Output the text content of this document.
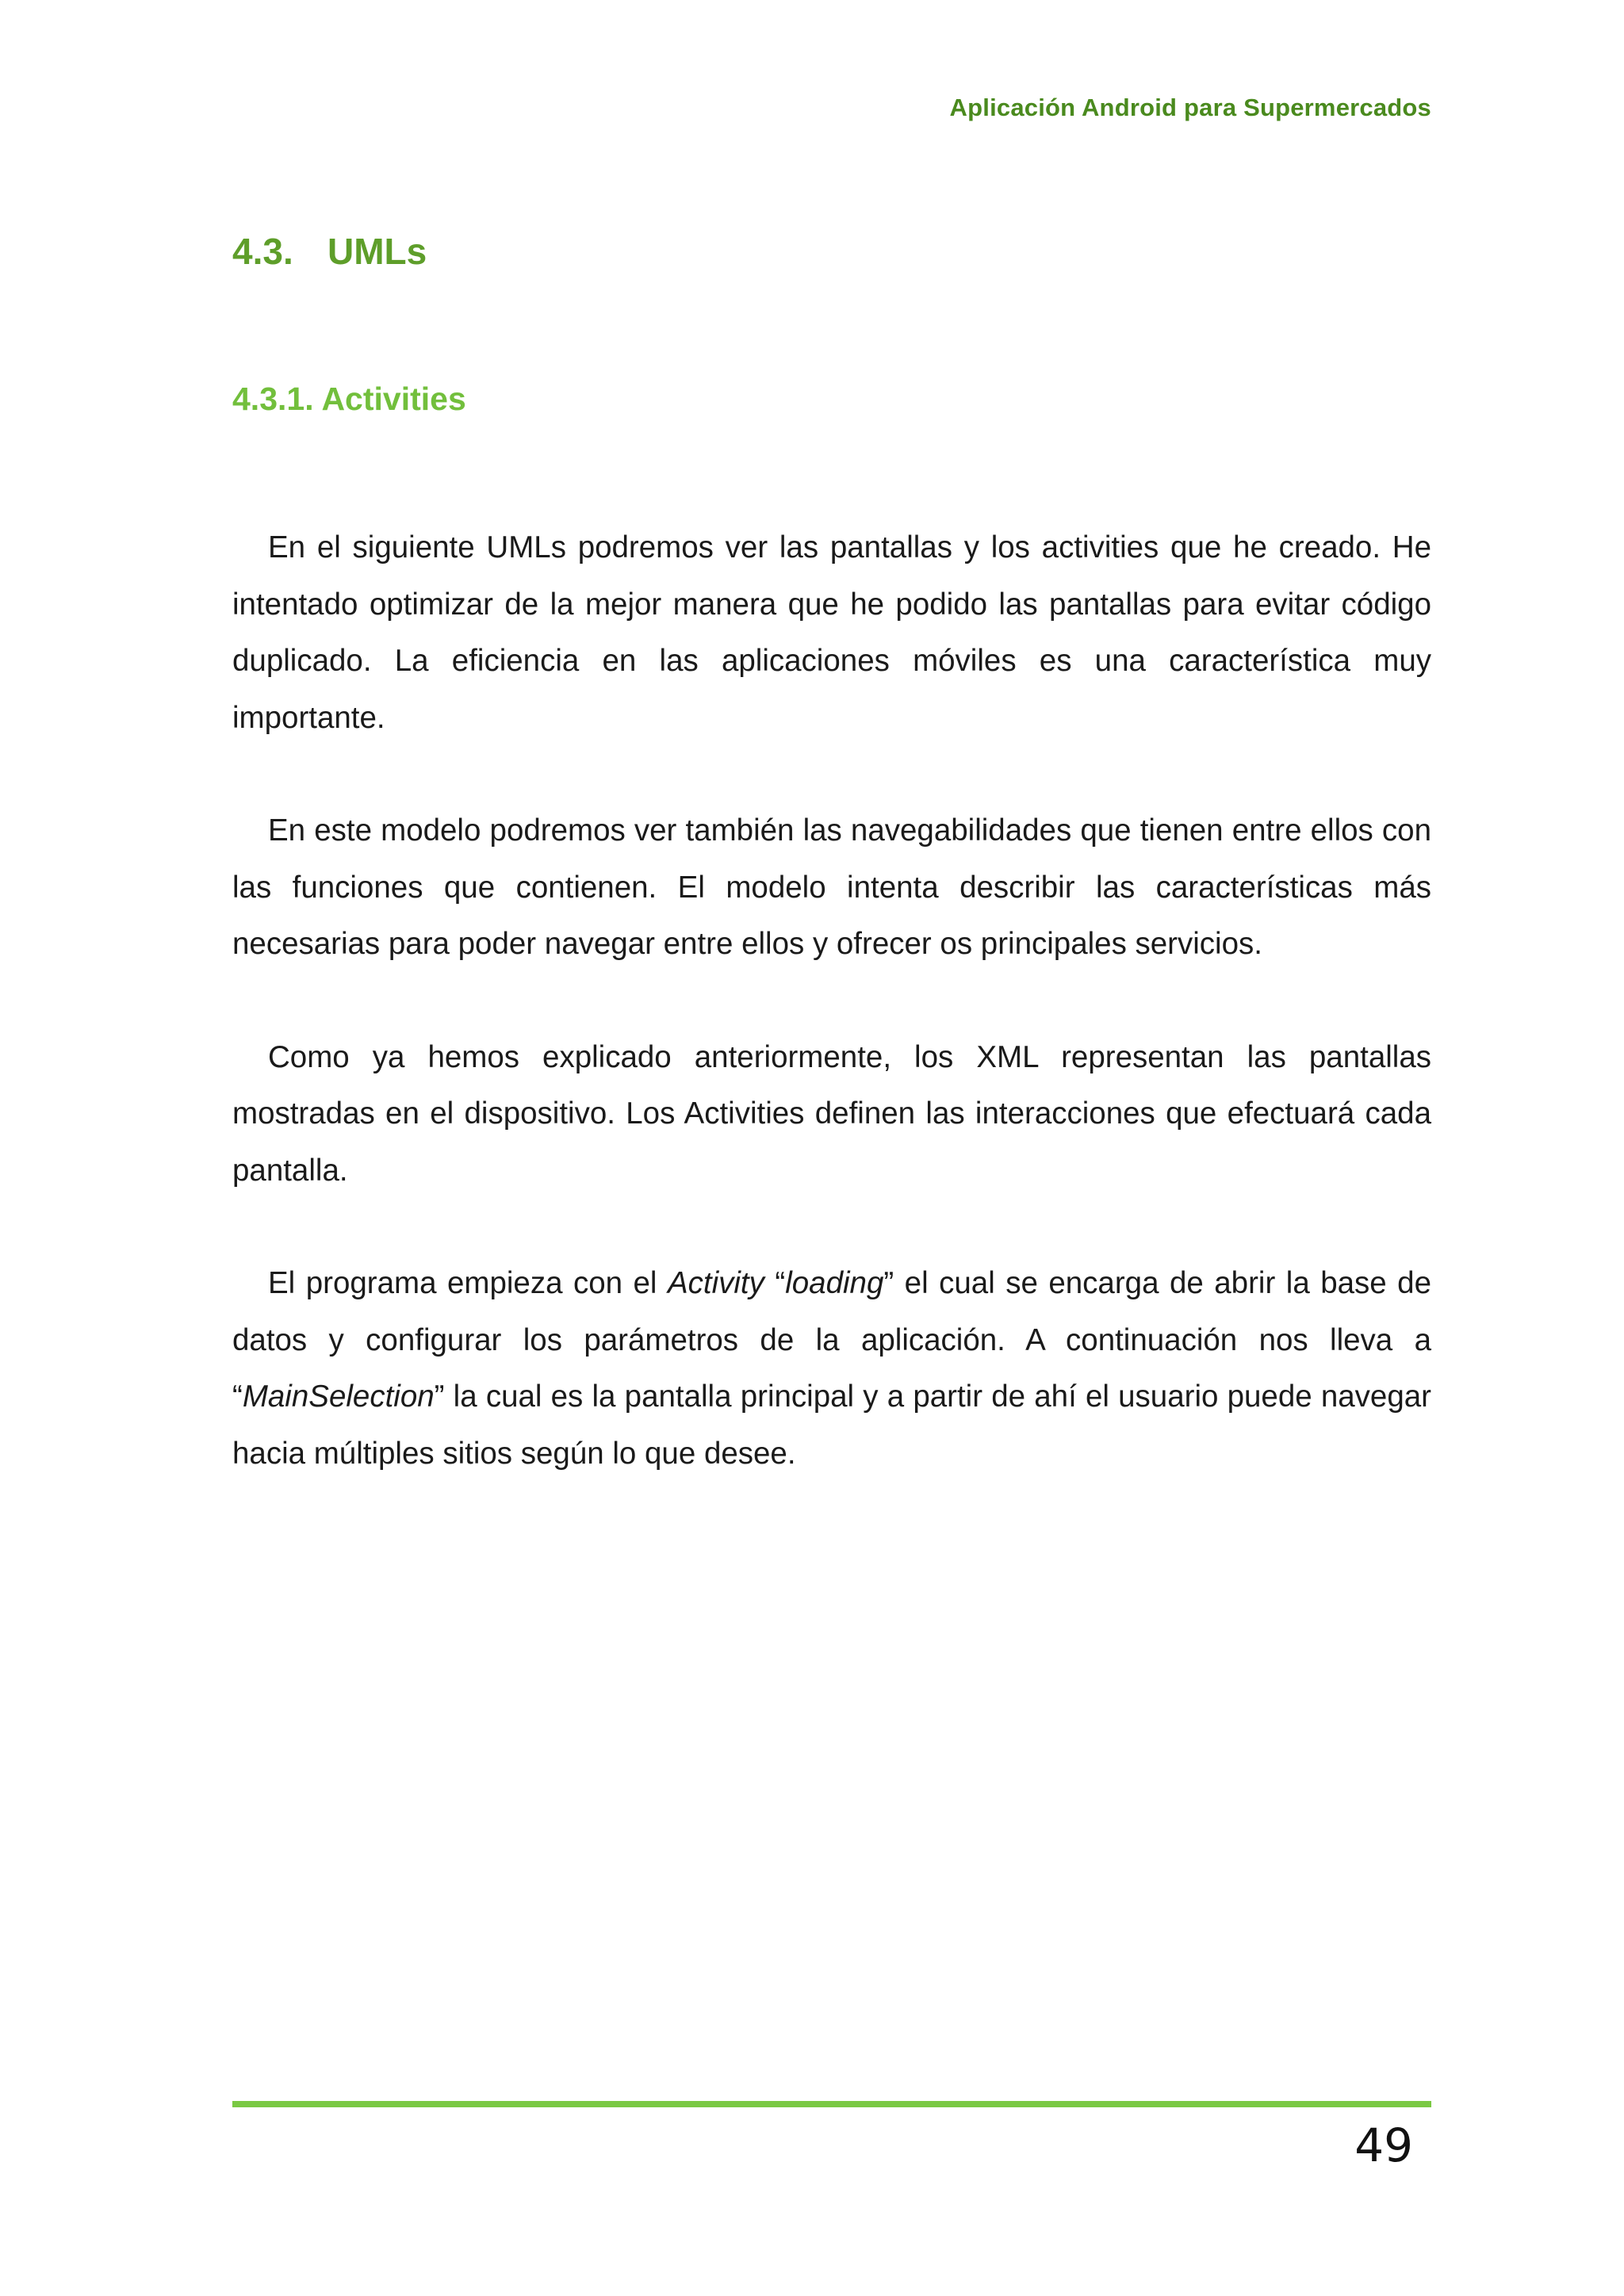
Aplicación Android para Supermercados
4.3. UMLs
4.3.1. Activities

En el siguiente UMLs podremos ver las pantallas y los activities que he creado. He intentado optimizar de la mejor manera que he podido las pantallas para evitar código duplicado. La eficiencia en las aplicaciones móviles es una característica muy importante.

En este modelo podremos ver también las navegabilidades que tienen entre ellos con las funciones que contienen. El modelo intenta describir las características más necesarias para poder navegar entre ellos y ofrecer os principales servicios.

Como ya hemos explicado anteriormente, los XML representan las pantallas mostradas en el dispositivo. Los Activities definen las interacciones que efectuará cada pantalla.

El programa empieza con el Activity “loading” el cual se encarga de abrir la base de datos y configurar los parámetros de la aplicación. A continuación nos lleva a “MainSelection” la cual es la pantalla principal y a partir de ahí el usuario puede navegar hacia múltiples sitios según lo que desee.

49
